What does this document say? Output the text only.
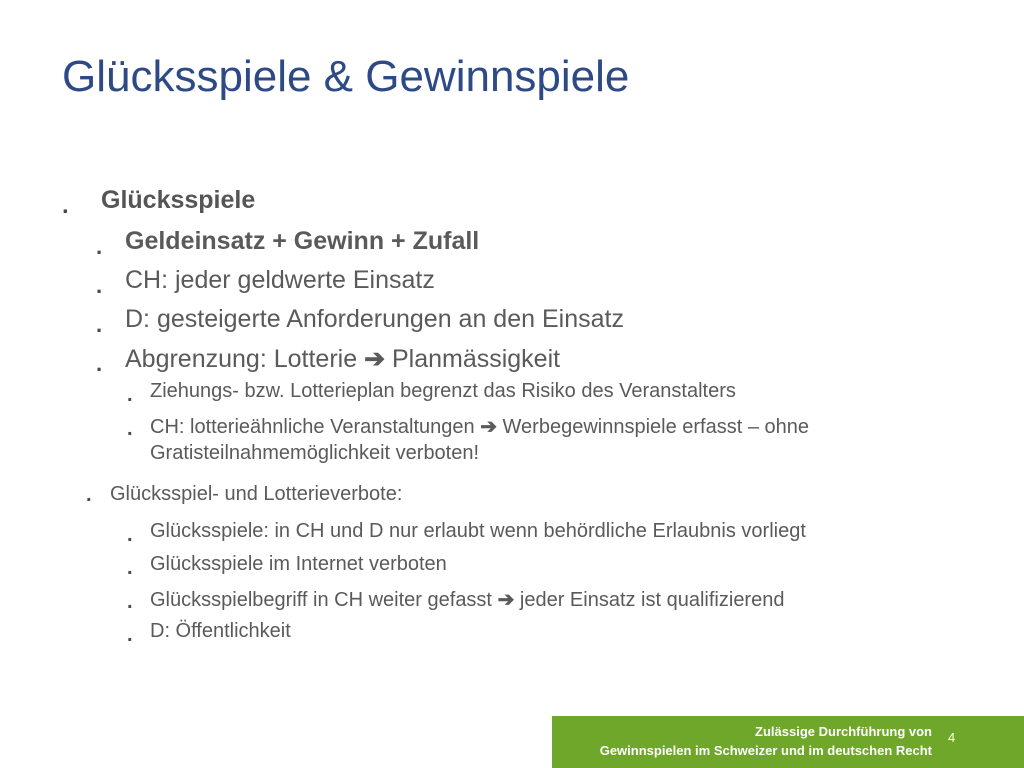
Glücksspiele & Gewinnspiele
. Glücksspiele
. Geldeinsatz + Gewinn + Zufall
. CH: jeder geldwerte Einsatz
. D: gesteigerte Anforderungen an den Einsatz
. Abgrenzung: Lotterie ➔ Planmässigkeit
. Ziehungs- bzw. Lotterieplan begrenzt das Risiko des Veranstalters
. CH: lotterieähnliche Veranstaltungen ➔ Werbegewinnspiele erfasst – ohne
Gratisteilnahmemöglichkeit verboten!
. Glücksspiel- und Lotterieverbote:
. Glücksspiele: in CH und D nur erlaubt wenn behördliche Erlaubnis vorliegt
. Glücksspiele im Internet verboten
. Glücksspielbegriff in CH weiter gefasst ➔ jeder Einsatz ist qualifizierend
. D: Öffentlichkeit
Zulässige Durchführung von
Gewinnspielen im Schweizer und im deutschen Recht
4
